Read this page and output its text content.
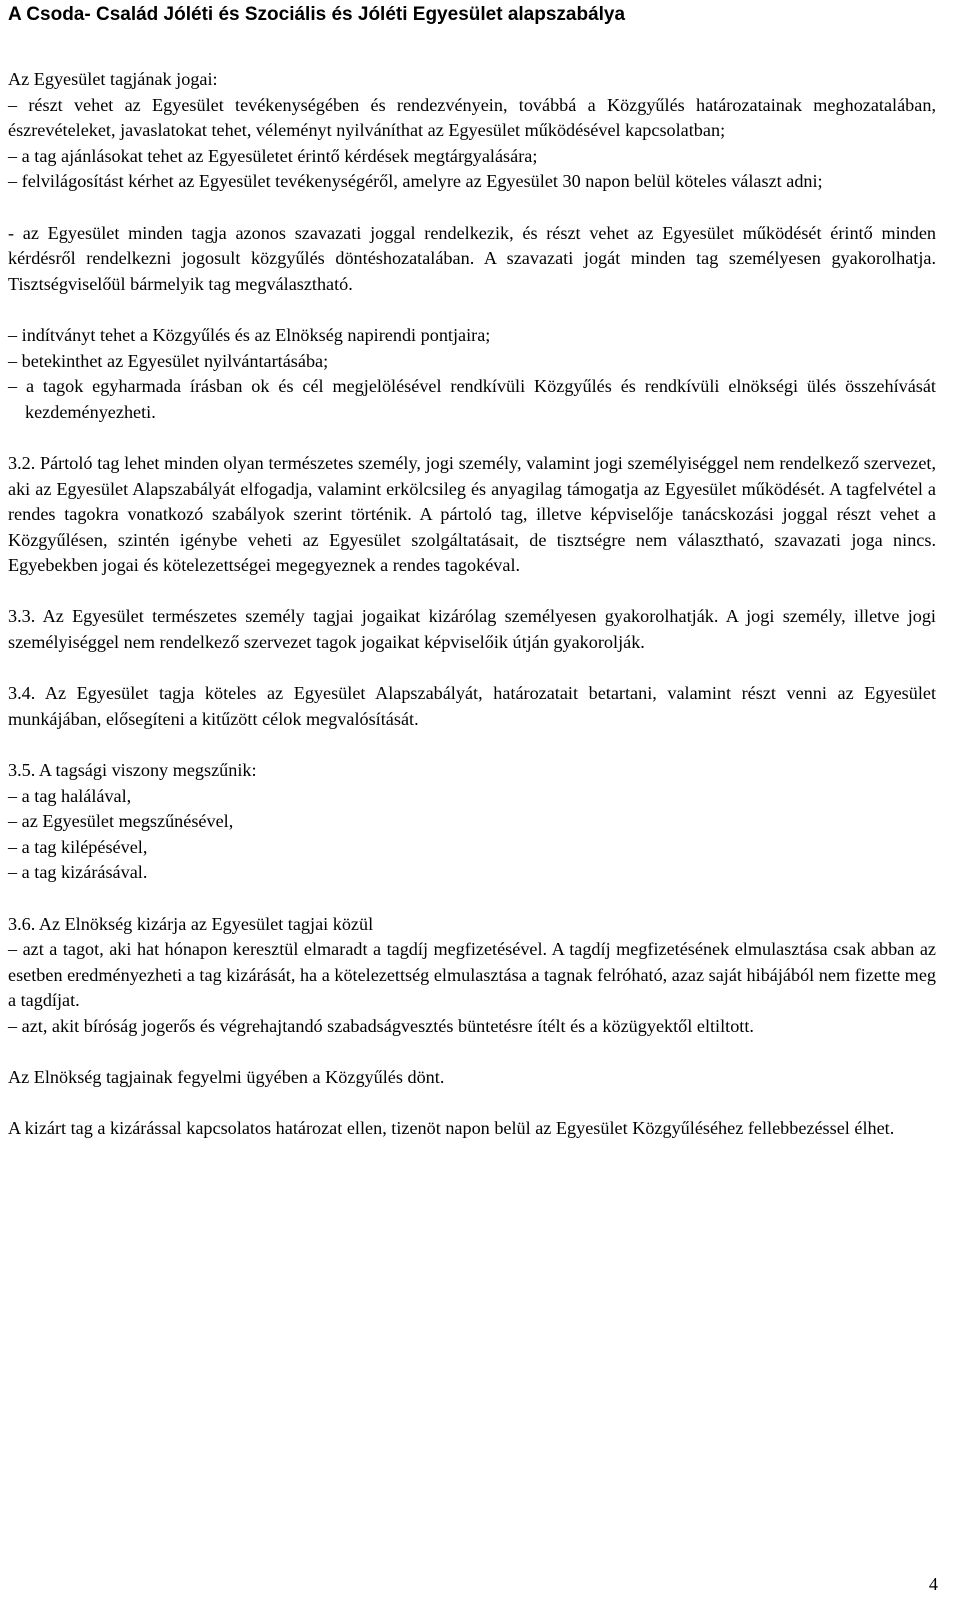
A Csoda- Család Jóléti és Szociális és Jóléti Egyesület alapszabálya

Az Egyesület tagjának jogai:

– részt vehet az Egyesület tevékenységében és rendezvényein, továbbá a Közgyűlés határozatainak meghozatalában, észrevételeket, javaslatokat tehet, véleményt nyilváníthat az Egyesület működésével kapcsolatban;

– a tag ajánlásokat tehet az Egyesületet érintő kérdések megtárgyalására;

– felvilágosítást kérhet az Egyesület tevékenységéről, amelyre az Egyesület 30 napon belül köteles választ adni;

- az Egyesület minden tagja azonos szavazati joggal rendelkezik, és részt vehet az Egyesület működését érintő minden kérdésről rendelkezni jogosult közgyűlés döntéshozatalában. A szavazati jogát minden tag személyesen gyakorolhatja. Tisztségviselőül bármelyik tag megválasztható.

– indítványt tehet a Közgyűlés és az Elnökség napirendi pontjaira;

– betekinthet az Egyesület nyilvántartásába;

– a tagok egyharmada írásban ok és cél megjelölésével rendkívüli Közgyűlés és rendkívüli elnökségi ülés összehívását kezdeményezheti.

3.2. Pártoló tag lehet minden olyan természetes személy, jogi személy, valamint jogi személyiséggel nem rendelkező szervezet, aki az Egyesület Alapszabályát elfogadja, valamint erkölcsileg és anyagilag támogatja az Egyesület működését. A tagfelvétel a rendes tagokra vonatkozó szabályok szerint történik. A pártoló tag, illetve képviselője tanácskozási joggal részt vehet a Közgyűlésen, szintén igénybe veheti az Egyesület szolgáltatásait, de tisztségre nem választható, szavazati joga nincs. Egyebekben jogai és kötelezettségei megegyeznek a rendes tagokéval.

3.3. Az Egyesület természetes személy tagjai jogaikat kizárólag személyesen gyakorolhatják. A jogi személy, illetve jogi személyiséggel nem rendelkező szervezet tagok jogaikat képviselőik útján gyakorolják.

3.4. Az Egyesület tagja köteles az Egyesület Alapszabályát, határozatait betartani, valamint részt venni az Egyesület munkájában, elősegíteni a kitűzött célok megvalósítását.

3.5. A tagsági viszony megszűnik:

– a tag halálával,

– az Egyesület megszűnésével,

– a tag kilépésével,

– a tag kizárásával.

3.6. Az Elnökség kizárja az Egyesület tagjai közül

– azt a tagot, aki hat hónapon keresztül elmaradt a tagdíj megfizetésével. A tagdíj megfizetésének elmulasztása csak abban az esetben eredményezheti a tag kizárását, ha a kötelezettség elmulasztása a tagnak felróható, azaz saját hibájából nem fizette meg a tagdíjat.

– azt, akit bíróság jogerős és végrehajtandó szabadságvesztés büntetésre ítélt és a közügyektől eltiltott.

Az Elnökség tagjainak fegyelmi ügyében a Közgyűlés dönt.

A kizárt tag a kizárással kapcsolatos határozat ellen, tizenöt napon belül az Egyesület Közgyűléséhez fellebbezéssel élhet.

4
